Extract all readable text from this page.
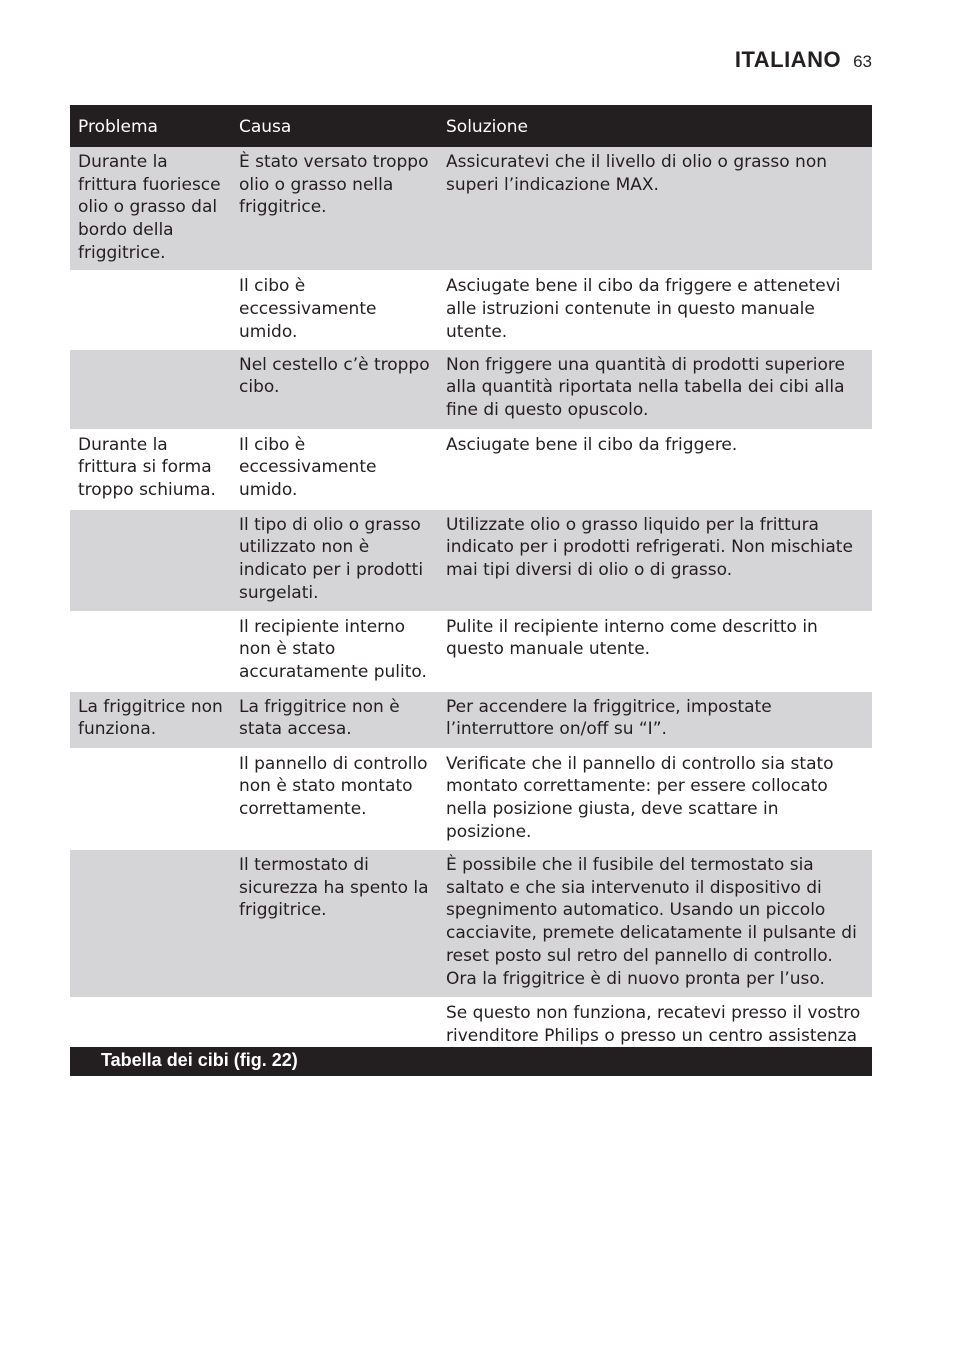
ITALIANO 63
Problema	Causa	Soluzione
Durante la frittura fuoriesce olio o grasso dal bordo della friggitrice.	È stato versato troppo olio o grasso nella friggitrice.	Assicuratevi che il livello di olio o grasso non superi l’indicazione MAX.
	Il cibo è eccessivamente umido.	Asciugate bene il cibo da friggere e attenetevi alle istruzioni contenute in questo manuale utente.
	Nel cestello c’è troppo cibo.	Non friggere una quantità di prodotti superiore alla quantità riportata nella tabella dei cibi alla fine di questo opuscolo.
Durante la frittura si forma troppo schiuma.	Il cibo è eccessivamente umido.	Asciugate bene il cibo da friggere.
	Il tipo di olio o grasso utilizzato non è indicato per i prodotti surgelati.	Utilizzate olio o grasso liquido per la frittura indicato per i prodotti refrigerati. Non mischiate mai tipi diversi di olio o di grasso.
	Il recipiente interno non è stato accuratamente pulito.	Pulite il recipiente interno come descritto in questo manuale utente.
La friggitrice non funziona.	La friggitrice non è stata accesa.	Per accendere la friggitrice, impostate l’interruttore on/off su “I”.
	Il pannello di controllo non è stato montato correttamente.	Verificate che il pannello di controllo sia stato montato correttamente: per essere collocato nella posizione giusta, deve scattare in posizione.
	Il termostato di sicurezza ha spento la friggitrice.	È possibile che il fusibile del termostato sia saltato e che sia intervenuto il dispositivo di spegnimento automatico. Usando un piccolo cacciavite, premete delicatamente il pulsante di reset posto sul retro del pannello di controllo. Ora la friggitrice è di nuovo pronta per l’uso.
		Se questo non funziona, recatevi presso il vostro rivenditore Philips o presso un centro assistenza
Tabella dei cibi (fig. 22)
